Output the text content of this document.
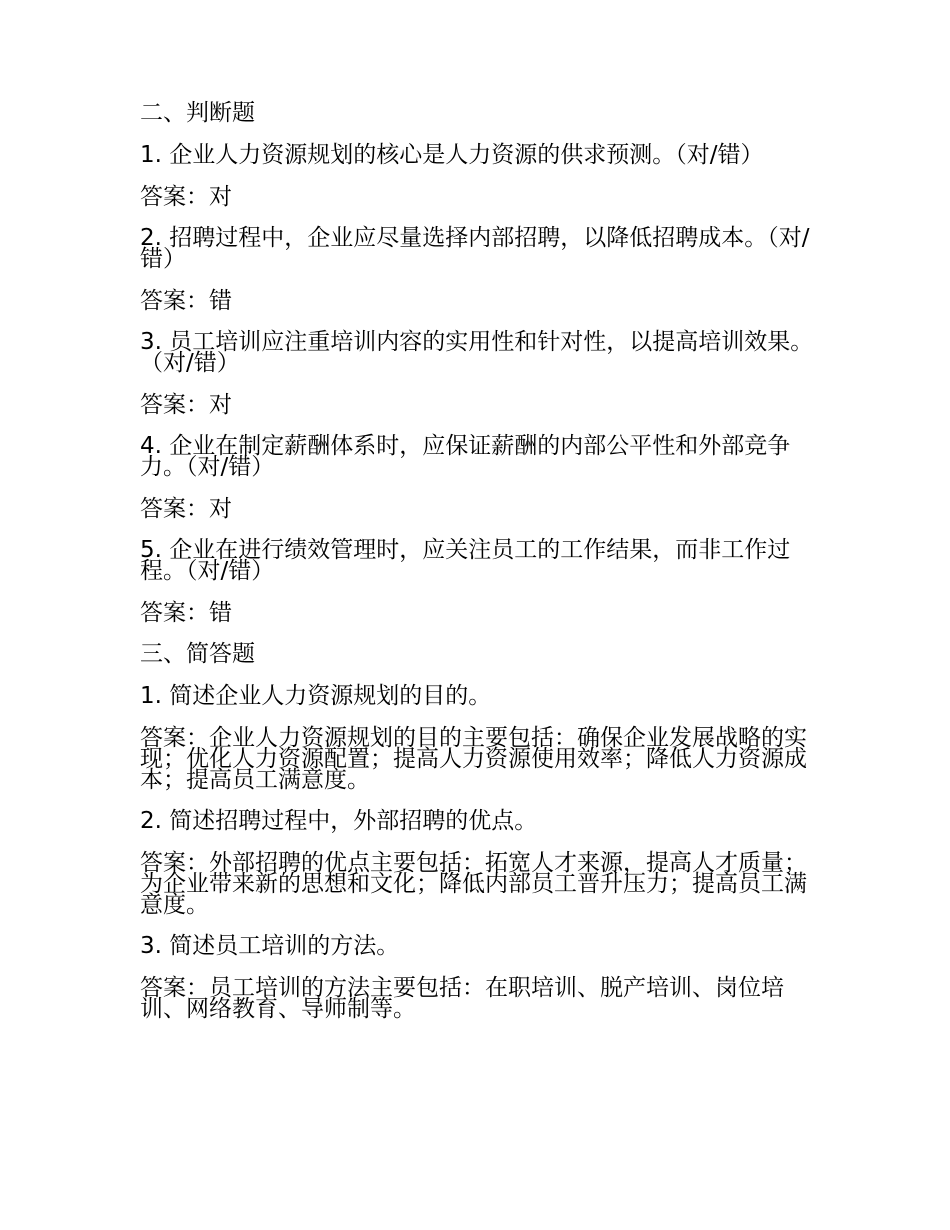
二、判断题

1. 企业人力资源规划的核心是人力资源的供求预测。（对/错）

答案：对

2. 招聘过程中，企业应尽量选择内部招聘，以降低招聘成本。（对/错）

答案：错

3. 员工培训应注重培训内容的实用性和针对性，以提高培训效果。（对/错）

答案：对

4. 企业在制定薪酬体系时，应保证薪酬的内部公平性和外部竞争力。（对/错）

答案：对

5. 企业在进行绩效管理时，应关注员工的工作结果，而非工作过程。（对/错）

答案：错

三、简答题

1. 简述企业人力资源规划的目的。

答案：企业人力资源规划的目的主要包括：确保企业发展战略的实现；优化人力资源配置；提高人力资源使用效率；降低人力资源成本；提高员工满意度。

2. 简述招聘过程中，外部招聘的优点。

答案：外部招聘的优点主要包括：拓宽人才来源，提高人才质量；为企业带来新的思想和文化；降低内部员工晋升压力；提高员工满意度。

3. 简述员工培训的方法。

答案：员工培训的方法主要包括：在职培训、脱产培训、岗位培训、网络教育、导师制等。
